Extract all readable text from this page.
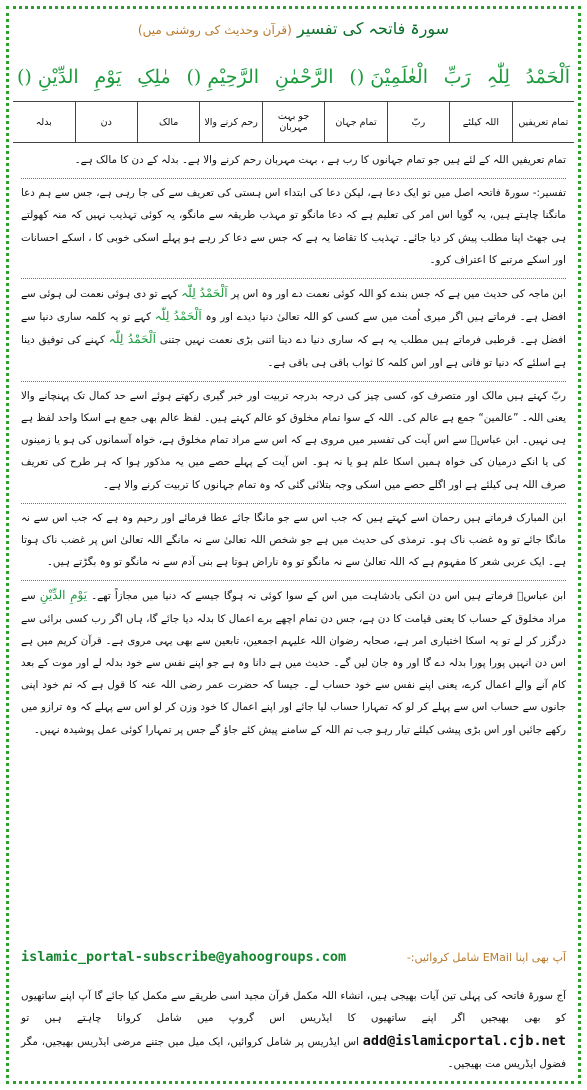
سورۃ فاتحہ کی تفسیر (قرآن وحدیث کی روشنی میں)
اَلْحَمْدُ
لِلّٰہِ
رَبِّ
الْعٰلَمِیْنَ ()
الرَّحْمٰنِ
الرَّحِیْمِ ()
مٰلِکِ
یَوْمِ
الدِّیْنِ ()
تمام تعریفیں
اللہ کیلئے
ربّ
تمام جہان
جو بہت مہربان
رحم کرنے والا
مالک
دن
بدلہ

تمام تعریفیں اللہ کے لئے ہیں جو تمام جہانوں کا رب ہے ، بہت مہربان رحم کرنے والا ہے۔ بدلہ کے دن کا مالک ہے۔

تفسیر:- سورۃ فاتحہ اصل میں تو ایک دعا ہے، لیکن دعا کی ابتداء اس ہستی کی تعریف سے کی جا رہی ہے، جس سے ہم دعا مانگنا چاہتے ہیں، یہ گویا اس امر کی تعلیم ہے کہ دعا مانگو تو مہذب طریقہ سے مانگو، یہ کوئی تہذیب نہیں کہ منہ کھولتے ہی جھٹ اپنا مطلب پیش کر دیا جائے۔ تہذیب کا تقاضا یہ ہے کہ جس سے دعا کر رہے ہو پہلے اسکی خوبی کا ، اسکے احسانات اور اسکے مرتبے کا اعتراف کرو۔

ابن ماجہ کی حدیث میں ہے کہ جس بندے کو اللہ کوئی نعمت دے اور وہ اس پر اَلْحَمْدُ لِلّٰہ کہے تو دی ہوئی نعمت لی ہوئی سے افضل ہے۔ فرماتے ہیں اگر میری اُمت میں سے کسی کو اللہ تعالیٰ دنیا دیدے اور وہ اَلْحَمْدُ لِلّٰہ کہے تو یہ کلمہ ساری دنیا سے افضل ہے۔ قرطبی فرماتے ہیں مطلب یہ ہے کہ ساری دنیا دے دینا اتنی بڑی نعمت نہیں جتنی اَلْحَمْدُ لِلّٰہ کہنے کی توفیق دینا ہے اسلئے کہ دنیا تو فانی ہے اور اس کلمہ کا ثواب باقی ہی باقی ہے۔

ربّ کہتے ہیں مالک اور متصرف کو، کسی چیز کی درجہ بدرجہ تربیت اور خبر گیری رکھتے ہوئے اسے حد کمال تک پہنچانے والا یعنی اللہ۔ ”عالمین“ جمع ہے عالم کی۔ اللہ کے سوا تمام مخلوق کو عالم کہتے ہیں۔ لفظ عالم بھی جمع ہے اسکا واحد لفظ ہے ہی نہیں۔ ابن عباسؓ سے اس آیت کی تفسیر میں مروی ہے کہ اس سے مراد تمام مخلوق ہے، خواہ آسمانوں کی ہو یا زمینوں کی یا انکے درمیان کی خواہ ہمیں اسکا علم ہو یا نہ ہو۔ اس آیت کے پہلے حصے میں یہ مذکور ہوا کہ ہر طرح کی تعریف صرف اللہ ہی کیلئے ہے اور اگلے حصے میں اسکی وجہ بتلائی گئی کہ وہ تمام جہانوں کا تربیت کرنے والا ہے۔

ابن المبارک فرماتے ہیں رحمان اسے کہتے ہیں کہ جب اس سے جو مانگا جائے عطا فرمائے اور رحیم وہ ہے کہ جب اس سے نہ مانگا جائے تو وہ غضب ناک ہو۔ ترمذی کی حدیث میں ہے جو شخص اللہ تعالیٰ سے نہ مانگے اللہ تعالیٰ اس پر غضب ناک ہوتا ہے۔ ایک عربی شعر کا مفہوم ہے کہ اللہ تعالیٰ سے نہ مانگو تو وہ ناراض ہوتا ہے بنی آدم سے نہ مانگو تو وہ بگڑتے ہیں۔

ابن عباسؓ فرماتے ہیں اس دن انکی بادشاہت میں اس کے سوا کوئی نہ ہوگا جیسے کہ دنیا میں مجازاً تھے۔ یَوْمِ الدِّیْنِ سے مراد مخلوق کے حساب کا یعنی قیامت کا دن ہے، جس دن تمام اچھے برے اعمال کا بدلہ دیا جائے گا، ہاں اگر رب کسی برائی سے درگزر کر لے تو یہ اسکا اختیاری امر ہے، صحابہ رضوان اللہ علیہم اجمعین، تابعین سے بھی یہی مروی ہے۔ قرآن کریم میں ہے اس دن انہیں پورا پورا بدلہ دے گا اور وہ جان لیں گے۔ حدیث میں ہے دانا وہ ہے جو اپنے نفس سے خود بدلہ لے اور موت کے بعد کام آنے والے اعمال کرے، یعنی اپنے نفس سے خود حساب لے۔ جیسا کہ حضرت عمر رضی اللہ عنہ کا قول ہے کہ تم خود اپنی جانوں سے حساب اس سے پہلے کر لو کہ تمہارا حساب لیا جائے اور اپنے اعمال کا خود وزن کر لو اس سے پہلے کہ وہ ترازو میں رکھے جائیں اور اس بڑی پیشی کیلئے تیار رہو جب تم اللہ کے سامنے پیش کئے جاؤ گے جس پر تمہارا کوئی عمل پوشیدہ نہیں۔

آپ بھی اپنا EMail شامل کروائیں:-
islamic_portal-subscribe@yahoogroups.com
آج سورۃ فاتحہ کی پہلی تین آیات بھیجی ہیں، انشاء اللہ مکمل قرآن مجید اسی طریقے سے مکمل کیا جائے گا آپ اپنے ساتھیوں کو بھی بھیجیں اگر اپنے ساتھیوں کا ایڈریس اس گروپ میں شامل کروانا چاہتے ہیں تو add@islamicportal.cjb.net اس ایڈریس پر شامل کروائیں، ایک میل میں جتنے مرضی ایڈریس بھیجیں، مگر فضول ایڈریس مت بھیجیں۔
